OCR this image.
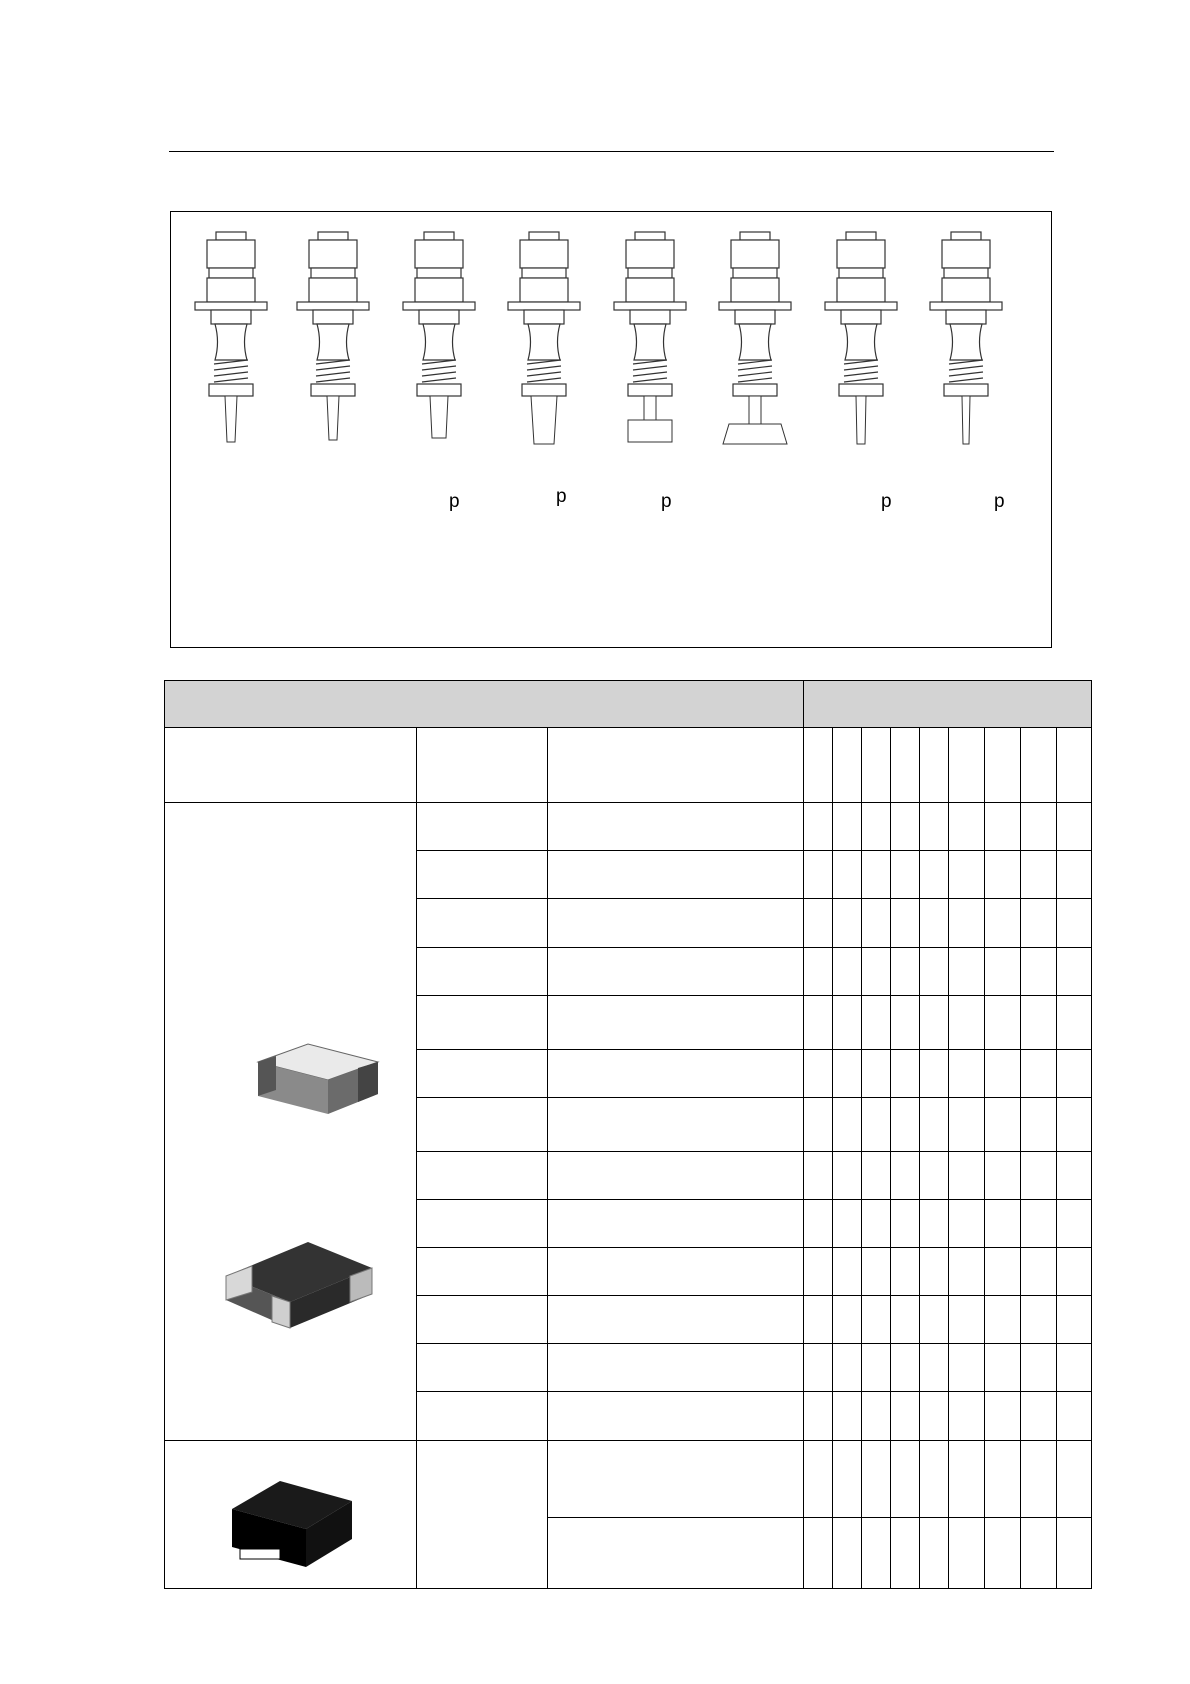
p	p	p	p	p
